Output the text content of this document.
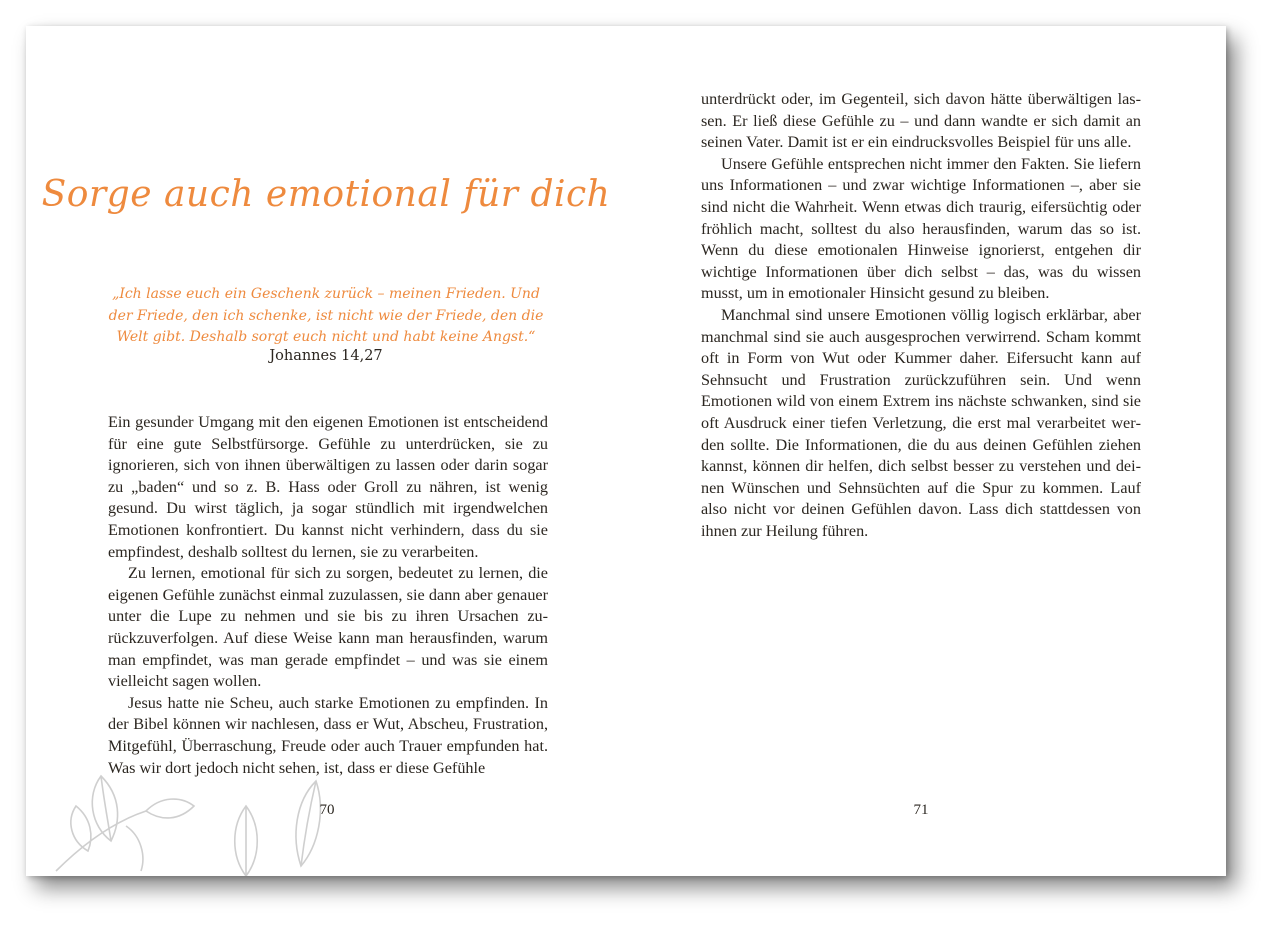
Sorge auch emotional für dich

„Ich lasse euch ein Geschenk zurück – meinen Frieden. Und der Friede, den ich schenke, ist nicht wie der Friede, den die Welt gibt. Deshalb sorgt euch nicht und habt keine Angst.“

Johannes 14,27

Ein gesunder Umgang mit den eigenen Emotionen ist entscheidend für eine gute Selbstfürsorge. Gefühle zu unterdrücken, sie zu ignorieren, sich von ihnen überwältigen zu lassen oder darin sogar zu „baden“ und so z. B. Hass oder Groll zu nähren, ist wenig gesund. Du wirst täglich, ja sogar stündlich mit irgendwelchen Emotionen konfrontiert. Du kannst nicht verhindern, dass du sie empfindest, deshalb solltest du lernen, sie zu verarbeiten.

Zu lernen, emotional für sich zu sorgen, bedeutet zu lernen, die eigenen Gefühle zunächst einmal zuzulassen, sie dann aber genauer unter die Lupe zu nehmen und sie bis zu ihren Ursachen zurückzuverfolgen. Auf diese Weise kann man herausfinden, warum man empfindet, was man gerade empfindet – und was sie einem vielleicht sagen wollen.

Jesus hatte nie Scheu, auch starke Emotionen zu empfinden. In der Bibel können wir nachlesen, dass er Wut, Abscheu, Frustration, Mitgefühl, Überraschung, Freude oder auch Trauer empfunden hat. Was wir dort jedoch nicht sehen, ist, dass er diese Gefühle

70

unterdrückt oder, im Gegenteil, sich davon hätte überwältigen lassen. Er ließ diese Gefühle zu – und dann wandte er sich damit an seinen Vater. Damit ist er ein eindrucksvolles Beispiel für uns alle.

Unsere Gefühle entsprechen nicht immer den Fakten. Sie liefern uns Informationen – und zwar wichtige Informationen –, aber sie sind nicht die Wahrheit. Wenn etwas dich traurig, eifersüchtig oder fröhlich macht, solltest du also herausfinden, warum das so ist. Wenn du diese emotionalen Hinweise ignorierst, entgehen dir wichtige Informationen über dich selbst – das, was du wissen musst, um in emotionaler Hinsicht gesund zu bleiben.

Manchmal sind unsere Emotionen völlig logisch erklärbar, aber manchmal sind sie auch ausgesprochen verwirrend. Scham kommt oft in Form von Wut oder Kummer daher. Eifersucht kann auf Sehnsucht und Frustration zurückzuführen sein. Und wenn Emotionen wild von einem Extrem ins nächste schwanken, sind sie oft Ausdruck einer tiefen Verletzung, die erst mal verarbeitet werden sollte. Die Informationen, die du aus deinen Gefühlen ziehen kannst, können dir helfen, dich selbst besser zu verstehen und deinen Wünschen und Sehnsüchten auf die Spur zu kommen. Lauf also nicht vor deinen Gefühlen davon. Lass dich stattdessen von ihnen zur Heilung führen.

71
